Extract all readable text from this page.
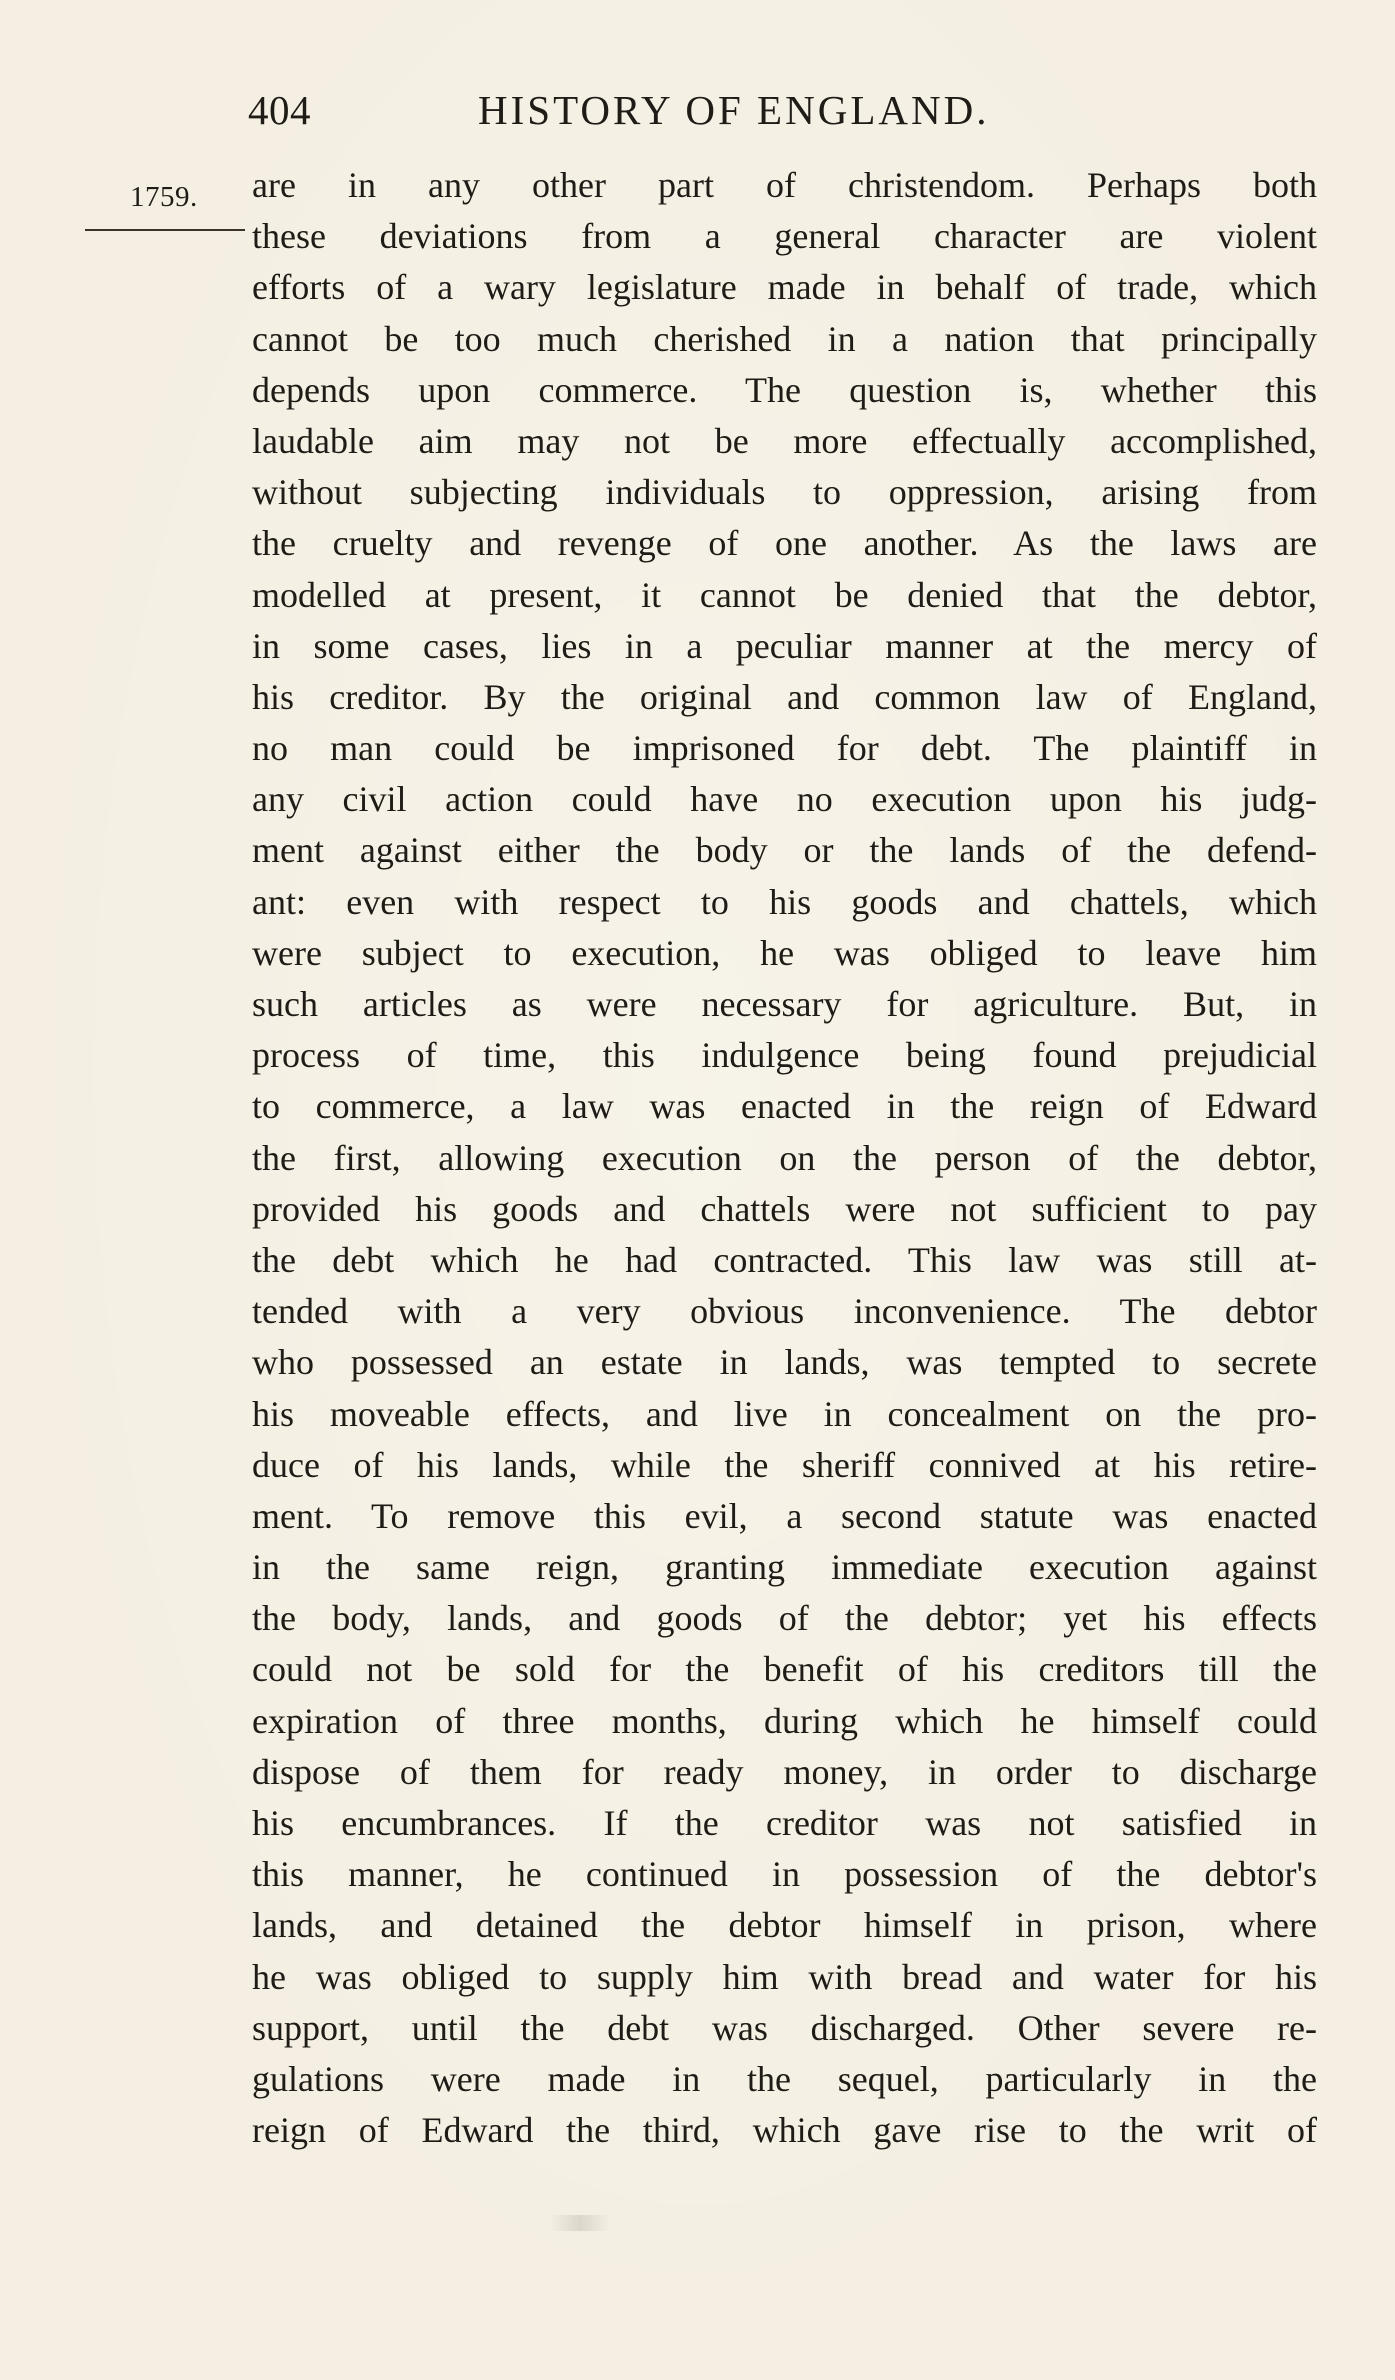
404	HISTORY OF ENGLAND.
1759. are in any other part of christendom. Perhaps both
these deviations from a general character are violent
efforts of a wary legislature made in behalf of trade, which
cannot be too much cherished in a nation that principally
depends upon commerce. The question is, whether this
laudable aim may not be more effectually accomplished,
without subjecting individuals to oppression, arising from
the cruelty and revenge of one another. As the laws are
modelled at present, it cannot be denied that the debtor,
in some cases, lies in a peculiar manner at the mercy of
his creditor. By the original and common law of England,
no man could be imprisoned for debt. The plaintiff in
any civil action could have no execution upon his judg-
ment against either the body or the lands of the defend-
ant: even with respect to his goods and chattels, which
were subject to execution, he was obliged to leave him
such articles as were necessary for agriculture. But, in
process of time, this indulgence being found prejudicial
to commerce, a law was enacted in the reign of Edward
the first, allowing execution on the person of the debtor,
provided his goods and chattels were not sufficient to pay
the debt which he had contracted. This law was still at-
tended with a very obvious inconvenience. The debtor
who possessed an estate in lands, was tempted to secrete
his moveable effects, and live in concealment on the pro-
duce of his lands, while the sheriff connived at his retire-
ment. To remove this evil, a second statute was enacted
in the same reign, granting immediate execution against
the body, lands, and goods of the debtor; yet his effects
could not be sold for the benefit of his creditors till the
expiration of three months, during which he himself could
dispose of them for ready money, in order to discharge
his encumbrances. If the creditor was not satisfied in
this manner, he continued in possession of the debtor's
lands, and detained the debtor himself in prison, where
he was obliged to supply him with bread and water for his
support, until the debt was discharged. Other severe re-
gulations were made in the sequel, particularly in the
reign of Edward the third, which gave rise to the writ of
